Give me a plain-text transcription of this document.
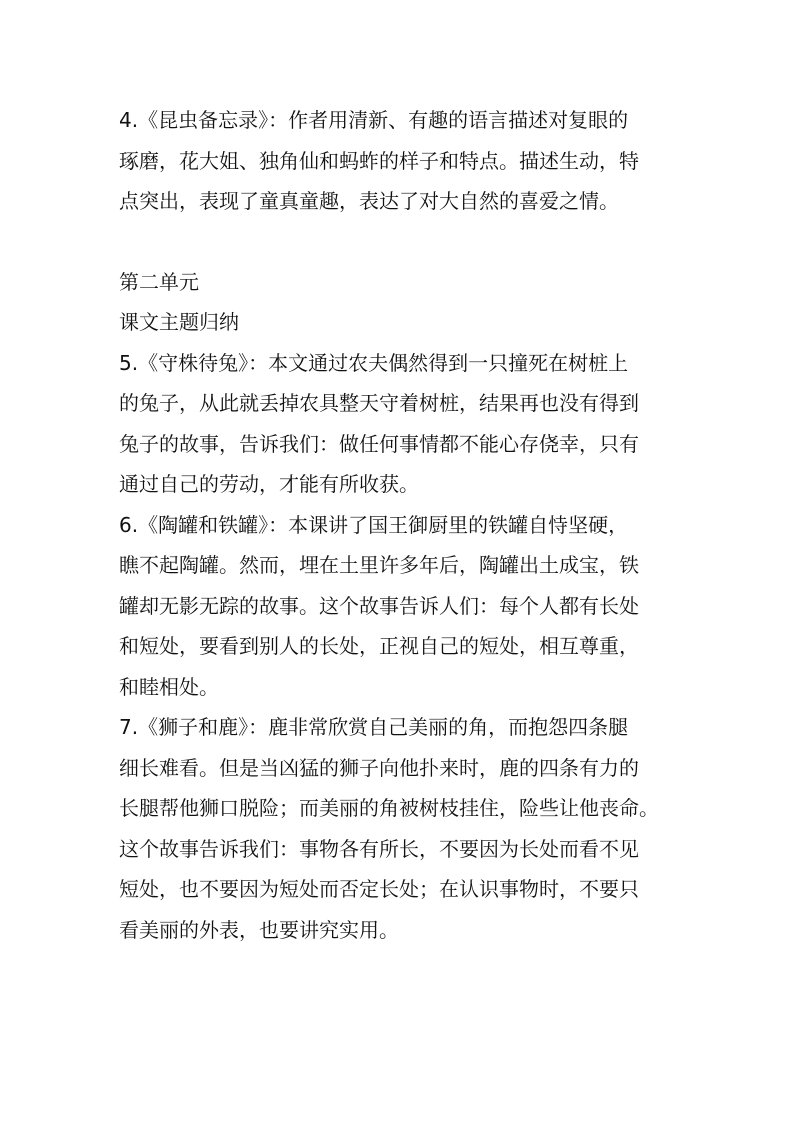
4.《昆虫备忘录》：作者用清新、有趣的语言描述对复眼的

琢磨，花大姐、独角仙和蚂蚱的样子和特点。描述生动，特

点突出，表现了童真童趣，表达了对大自然的喜爱之情。

第二单元

课文主题归纳

5.《守株待兔》：本文通过农夫偶然得到一只撞死在树桩上

的兔子，从此就丢掉农具整天守着树桩，结果再也没有得到

兔子的故事，告诉我们：做任何事情都不能心存侥幸，只有

通过自己的劳动，才能有所收获。

6.《陶罐和铁罐》：本课讲了国王御厨里的铁罐自恃坚硬，

瞧不起陶罐。然而，埋在土里许多年后，陶罐出土成宝，铁

罐却无影无踪的故事。这个故事告诉人们：每个人都有长处

和短处，要看到别人的长处，正视自己的短处，相互尊重，

和睦相处。

7.《狮子和鹿》：鹿非常欣赏自己美丽的角，而抱怨四条腿

细长难看。但是当凶猛的狮子向他扑来时，鹿的四条有力的

长腿帮他狮口脱险；而美丽的角被树枝挂住，险些让他丧命。

这个故事告诉我们：事物各有所长，不要因为长处而看不见

短处，也不要因为短处而否定长处；在认识事物时，不要只

看美丽的外表，也要讲究实用。
